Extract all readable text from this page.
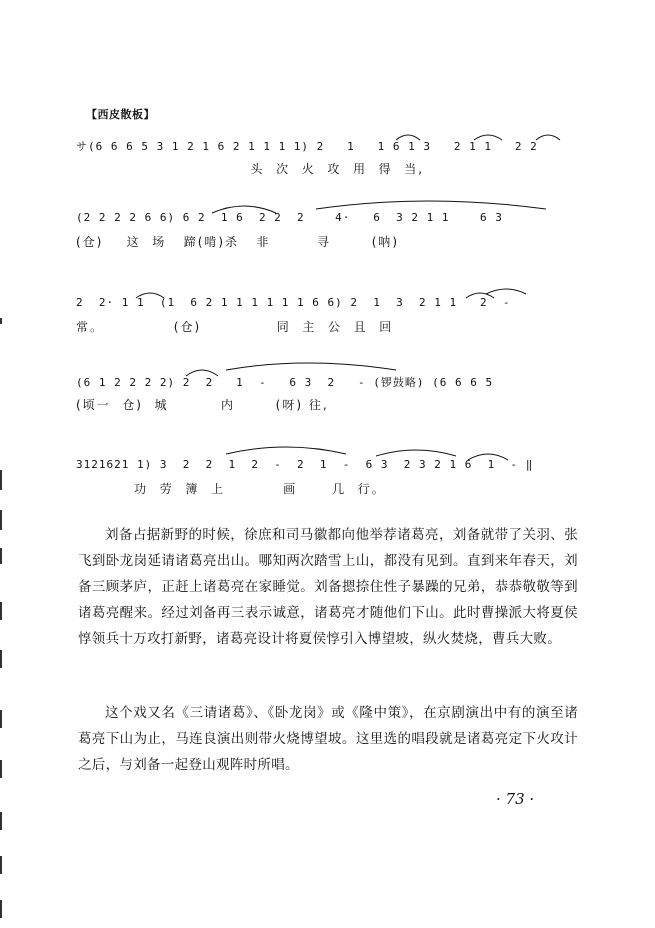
【西皮散板】
サ(6 6 6 5 3 1 2 1 6 2 1 1 1 1) 2   1   1 6 1 3   2 1 1   2 2
头  次  火  攻  用  得  当,
(2 2 2 2 6 6) 6 2  1 6  2 2  2    4·   6  3 2 1 1    6 3
(仓)    这  场   蹄(啃)杀   非        寻       (呐)
2  2· 1 1  (1  6 2 1 1 1 1 1 1 6 6) 2  1  3  2 1 1   2  -
常。            (仓)             同  主  公  且  回
(6 1 2 2 2 2) 2  2   1  -   6 3  2   - (锣鼓略) (6 6 6 5
(顷一  仓)  城         内       (呀) 往,
3121621 1) 3  2  2  1  2  -  2  1  -  6 3  2 3 2 1 6  1  - ‖
功  劳  簿  上          画      几  行。

刘备占据新野的时候，徐庶和司马徽都向他举荐诸葛亮，刘备就带了关羽、张飞到卧龙岗延请诸葛亮出山。哪知两次踏雪上山，都没有见到。直到来年春天，刘备三顾茅庐，正赶上诸葛亮在家睡觉。刘备摁捺住性子暴躁的兄弟，恭恭敬敬等到诸葛亮醒来。经过刘备再三表示诚意，诸葛亮才随他们下山。此时曹操派大将夏侯惇领兵十万攻打新野，诸葛亮设计将夏侯惇引入博望坡，纵火焚烧，曹兵大败。

这个戏又名《三请诸葛》、《卧龙岗》或《隆中策》，在京剧演出中有的演至诸葛亮下山为止，马连良演出则带火烧博望坡。这里选的唱段就是诸葛亮定下火攻计之后，与刘备一起登山观阵时所唱。

· 73 ·
